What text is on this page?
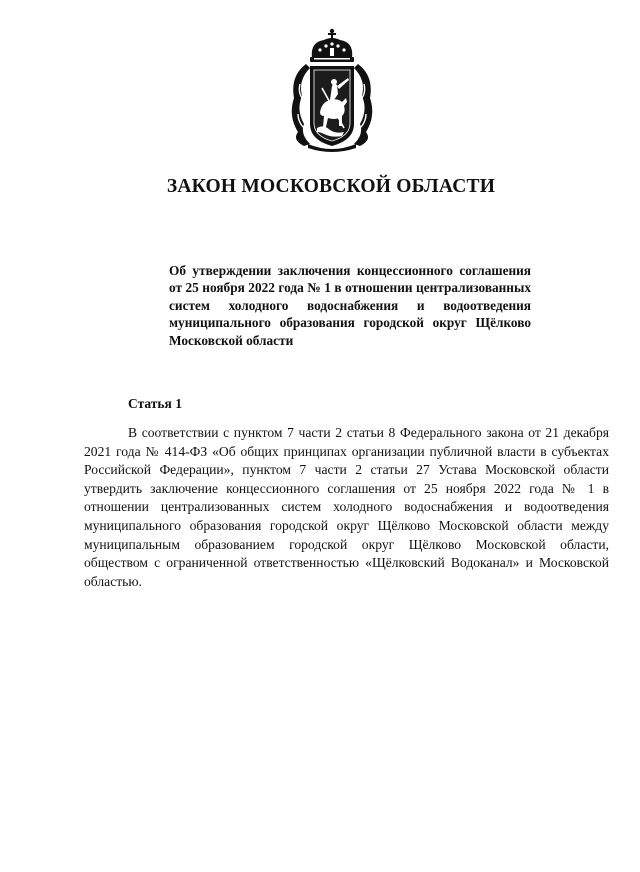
ЗАКОН МОСКОВСКОЙ ОБЛАСТИ

Об утверждении заключения концессионного соглашения от 25 ноября 2022 года № 1 в отношении централизованных систем холодного водоснабжения и водоотведения муниципального образования городской округ Щёлково Московской области

Статья 1

В соответствии с пунктом 7 части 2 статьи 8 Федерального закона от 21 декабря 2021 года № 414-ФЗ «Об общих принципах организации публичной власти в субъектах Российской Федерации», пунктом 7 части 2 статьи 27 Устава Московской области утвердить заключение концессионного соглашения от 25 ноября 2022 года № 1 в отношении централизованных систем холодного водоснабжения и водоотведения муниципального образования городской округ Щёлково Московской области между муниципальным образованием городской округ Щёлково Московской области, обществом с ограниченной ответственностью «Щёлковский Водоканал» и Московской областью.
